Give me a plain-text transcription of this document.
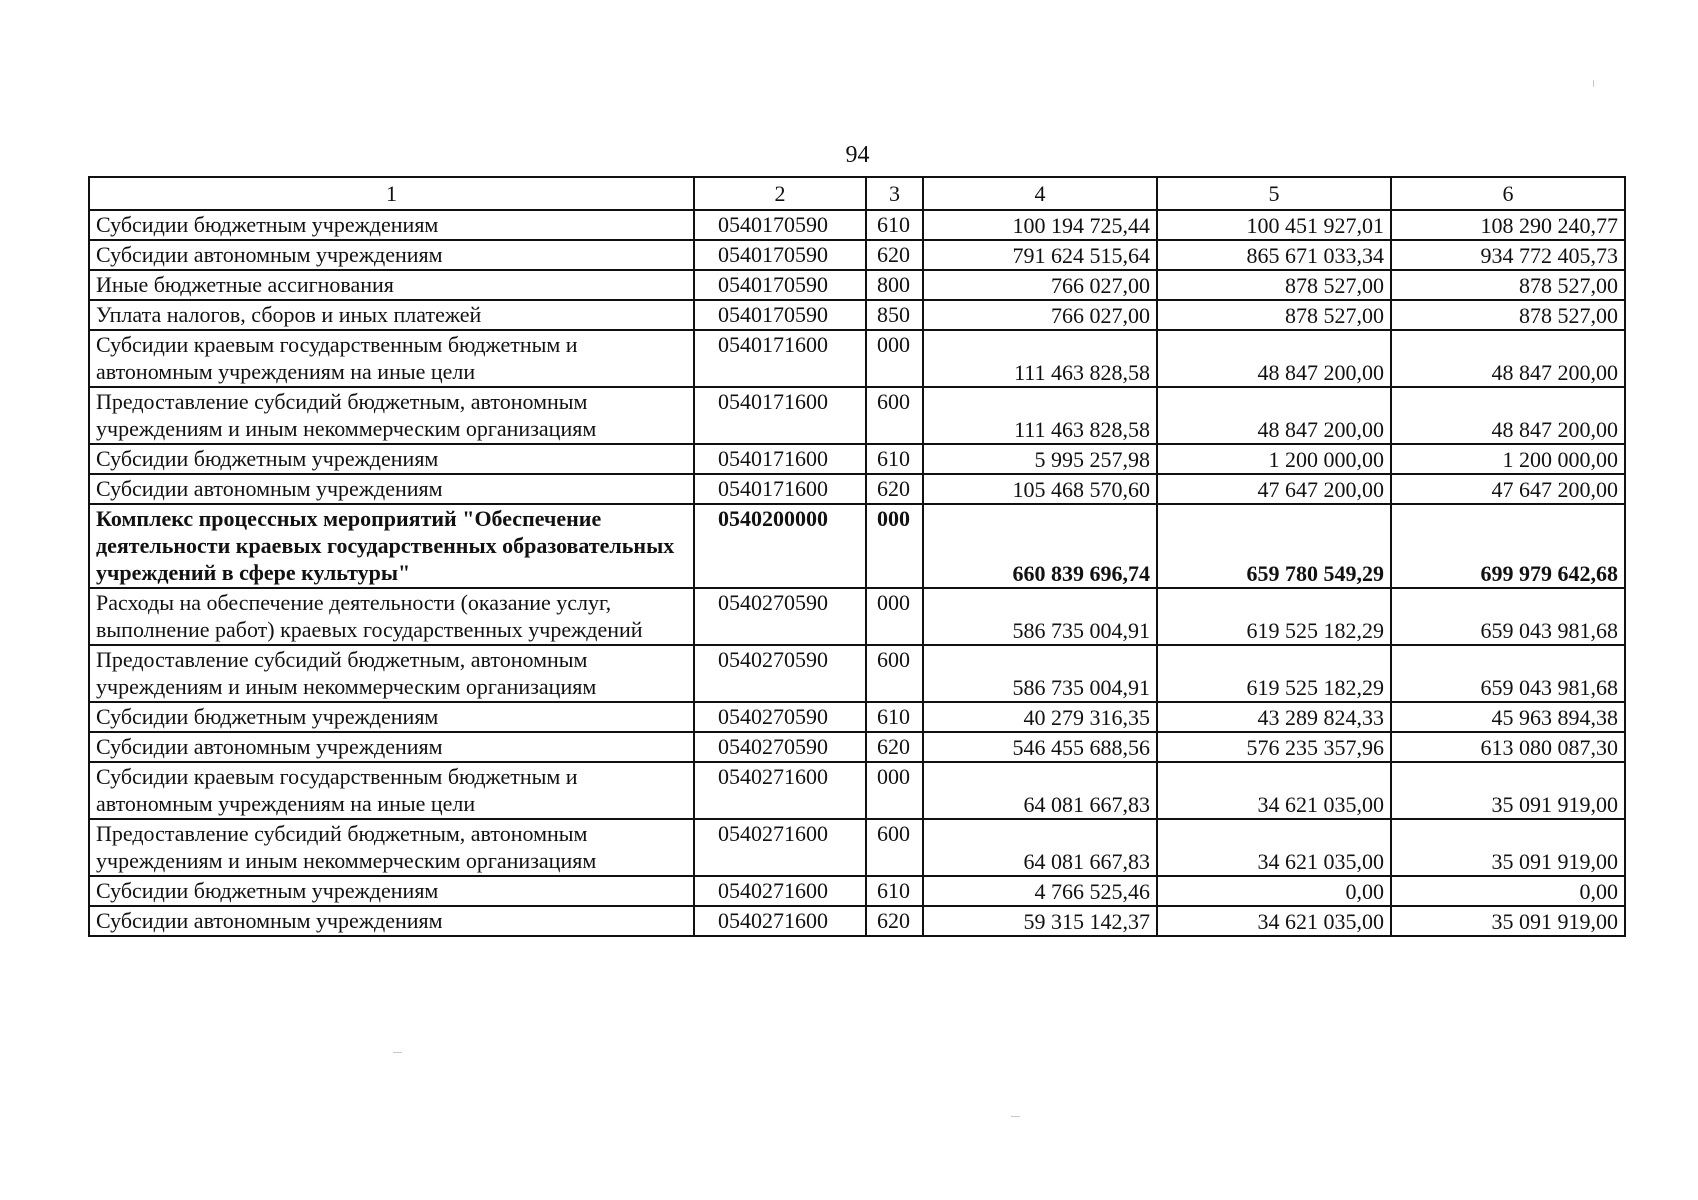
94
1	2	3	4	5	6
Субсидии бюджетным учреждениям	0540170590	610	100 194 725,44	100 451 927,01	108 290 240,77
Субсидии автономным учреждениям	0540170590	620	791 624 515,64	865 671 033,34	934 772 405,73
Иные бюджетные ассигнования	0540170590	800	766 027,00	878 527,00	878 527,00
Уплата налогов, сборов и иных платежей	0540170590	850	766 027,00	878 527,00	878 527,00
Субсидии краевым государственным бюджетным и автономным учреждениям на иные цели	0540171600	000	111 463 828,58	48 847 200,00	48 847 200,00
Предоставление субсидий бюджетным, автономным учреждениям и иным некоммерческим организациям	0540171600	600	111 463 828,58	48 847 200,00	48 847 200,00
Субсидии бюджетным учреждениям	0540171600	610	5 995 257,98	1 200 000,00	1 200 000,00
Субсидии автономным учреждениям	0540171600	620	105 468 570,60	47 647 200,00	47 647 200,00
Комплекс процессных мероприятий "Обеспечение деятельности краевых государственных образовательных учреждений в сфере культуры"	0540200000	000	660 839 696,74	659 780 549,29	699 979 642,68
Расходы на обеспечение деятельности (оказание услуг, выполнение работ) краевых государственных учреждений	0540270590	000	586 735 004,91	619 525 182,29	659 043 981,68
Предоставление субсидий бюджетным, автономным учреждениям и иным некоммерческим организациям	0540270590	600	586 735 004,91	619 525 182,29	659 043 981,68
Субсидии бюджетным учреждениям	0540270590	610	40 279 316,35	43 289 824,33	45 963 894,38
Субсидии автономным учреждениям	0540270590	620	546 455 688,56	576 235 357,96	613 080 087,30
Субсидии краевым государственным бюджетным и автономным учреждениям на иные цели	0540271600	000	64 081 667,83	34 621 035,00	35 091 919,00
Предоставление субсидий бюджетным, автономным учреждениям и иным некоммерческим организациям	0540271600	600	64 081 667,83	34 621 035,00	35 091 919,00
Субсидии бюджетным учреждениям	0540271600	610	4 766 525,46	0,00	0,00
Субсидии автономным учреждениям	0540271600	620	59 315 142,37	34 621 035,00	35 091 919,00
